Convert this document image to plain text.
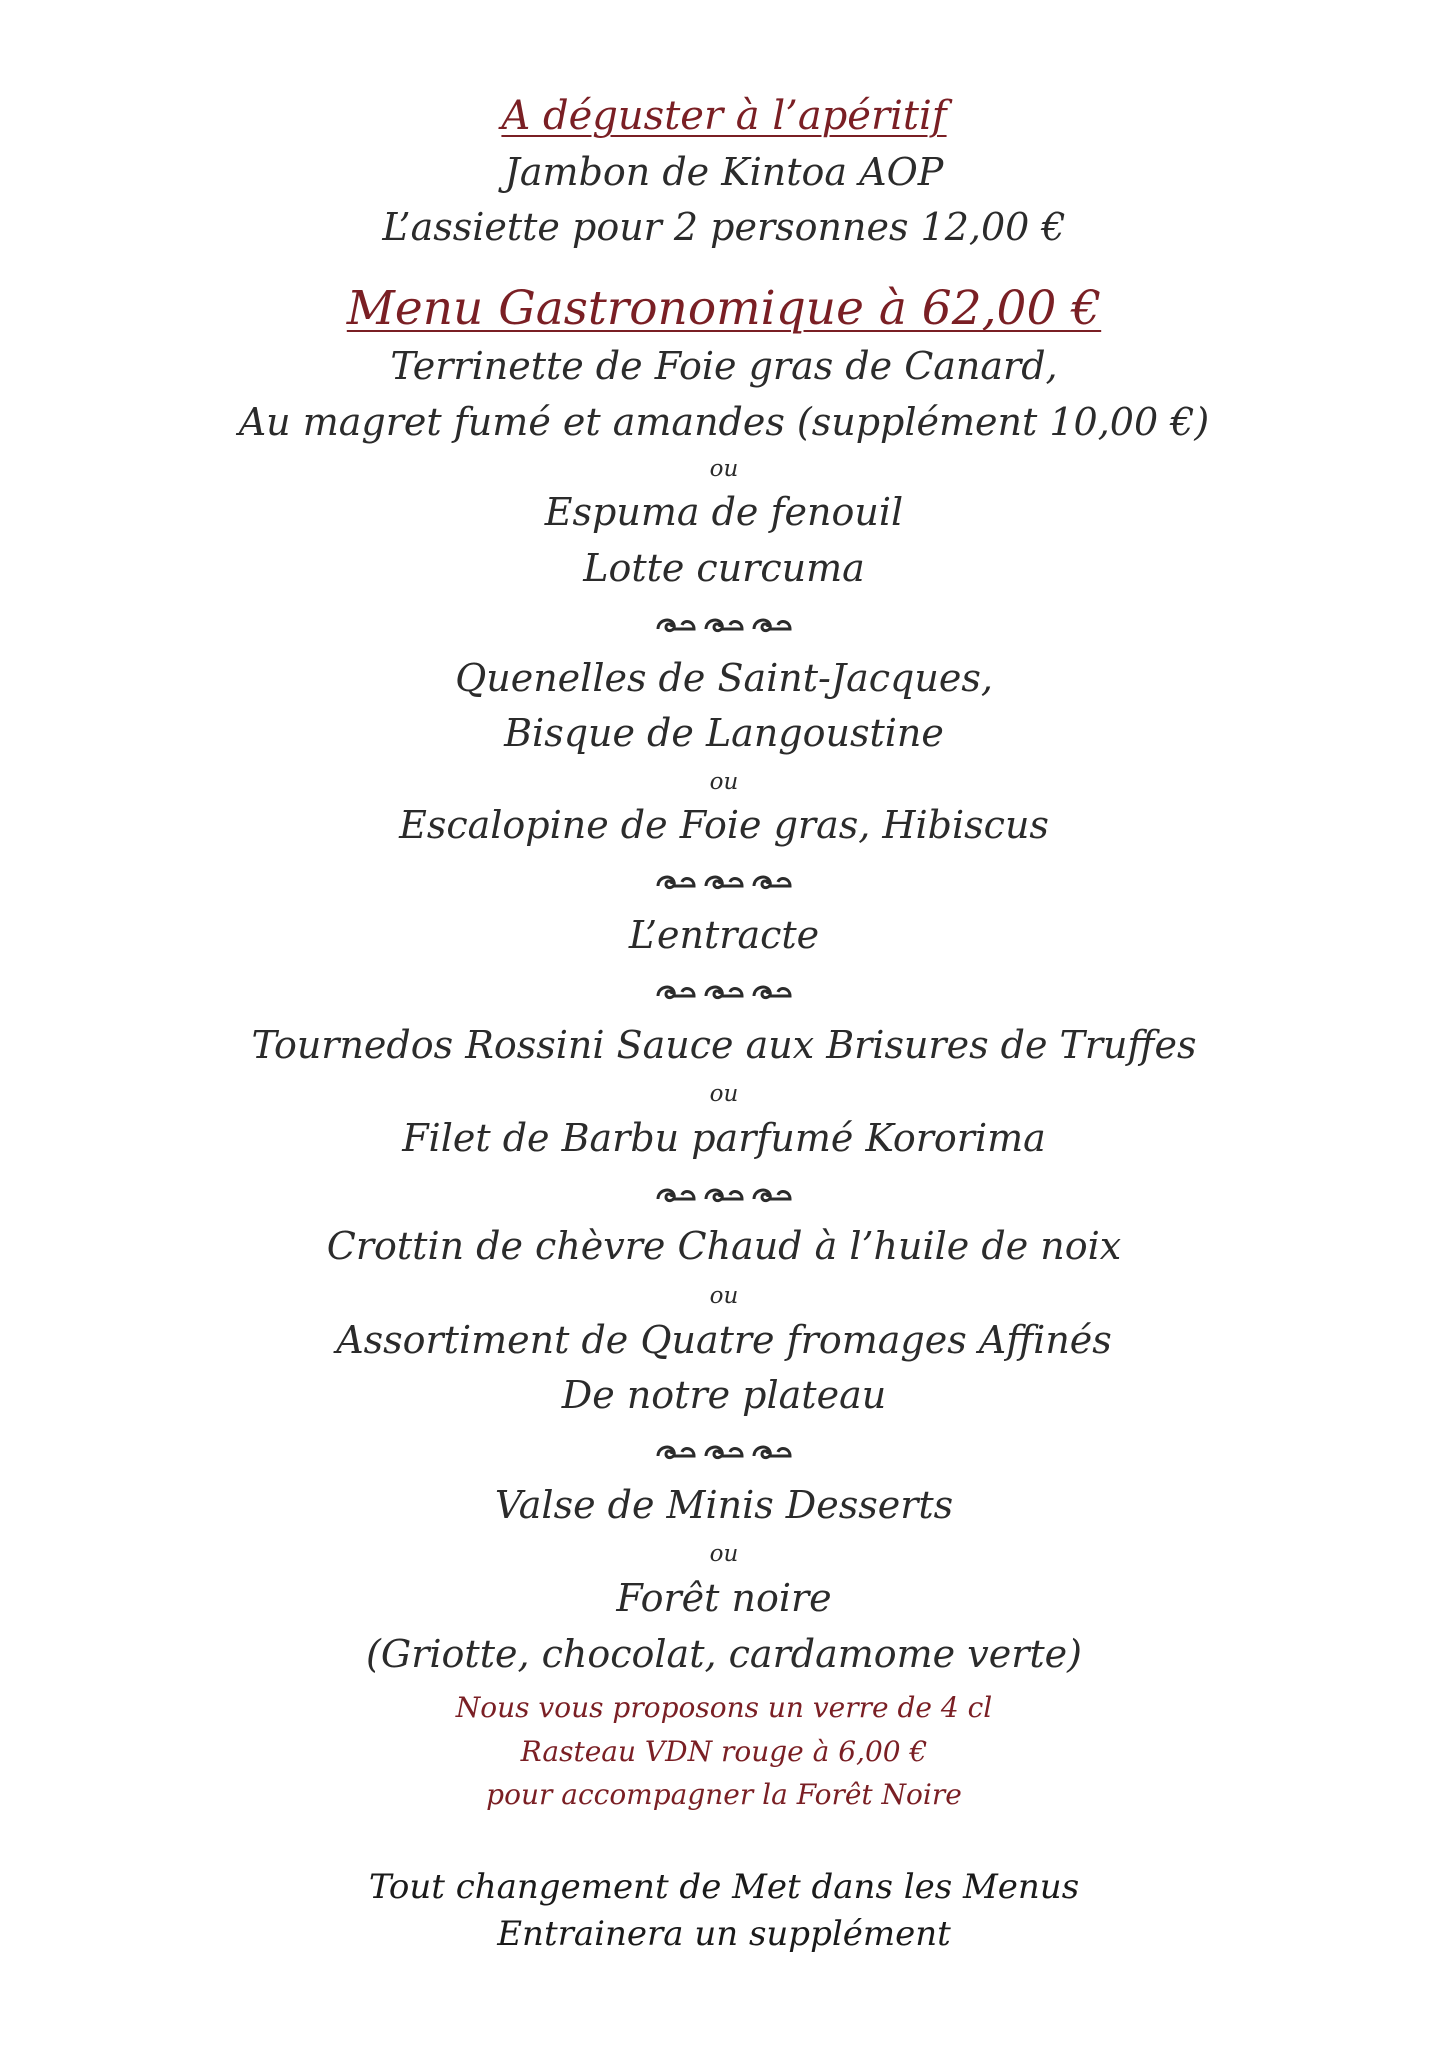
A déguster à l’apéritif
Jambon de Kintoa AOP
L’assiette pour 2 personnes 12,00 €
Menu Gastronomique à 62,00 €
Terrinette de Foie gras de Canard,
Au magret fumé et amandes (supplément 10,00 €)
ou
Espuma de fenouil
Lotte curcuma
Quenelles de Saint-Jacques,
Bisque de Langoustine
ou
Escalopine de Foie gras, Hibiscus
L’entracte
Tournedos Rossini Sauce aux Brisures de Truffes
ou
Filet de Barbu parfumé Kororima
Crottin de chèvre Chaud à l’huile de noix
ou
Assortiment de Quatre fromages Affinés
De notre plateau
Valse de Minis Desserts
ou
Forêt noire
(Griotte, chocolat, cardamome verte)
Nous vous proposons un verre de 4 cl
Rasteau VDN rouge à 6,00 €
pour accompagner la Forêt Noire
Tout changement de Met dans les Menus
Entrainera un supplément
